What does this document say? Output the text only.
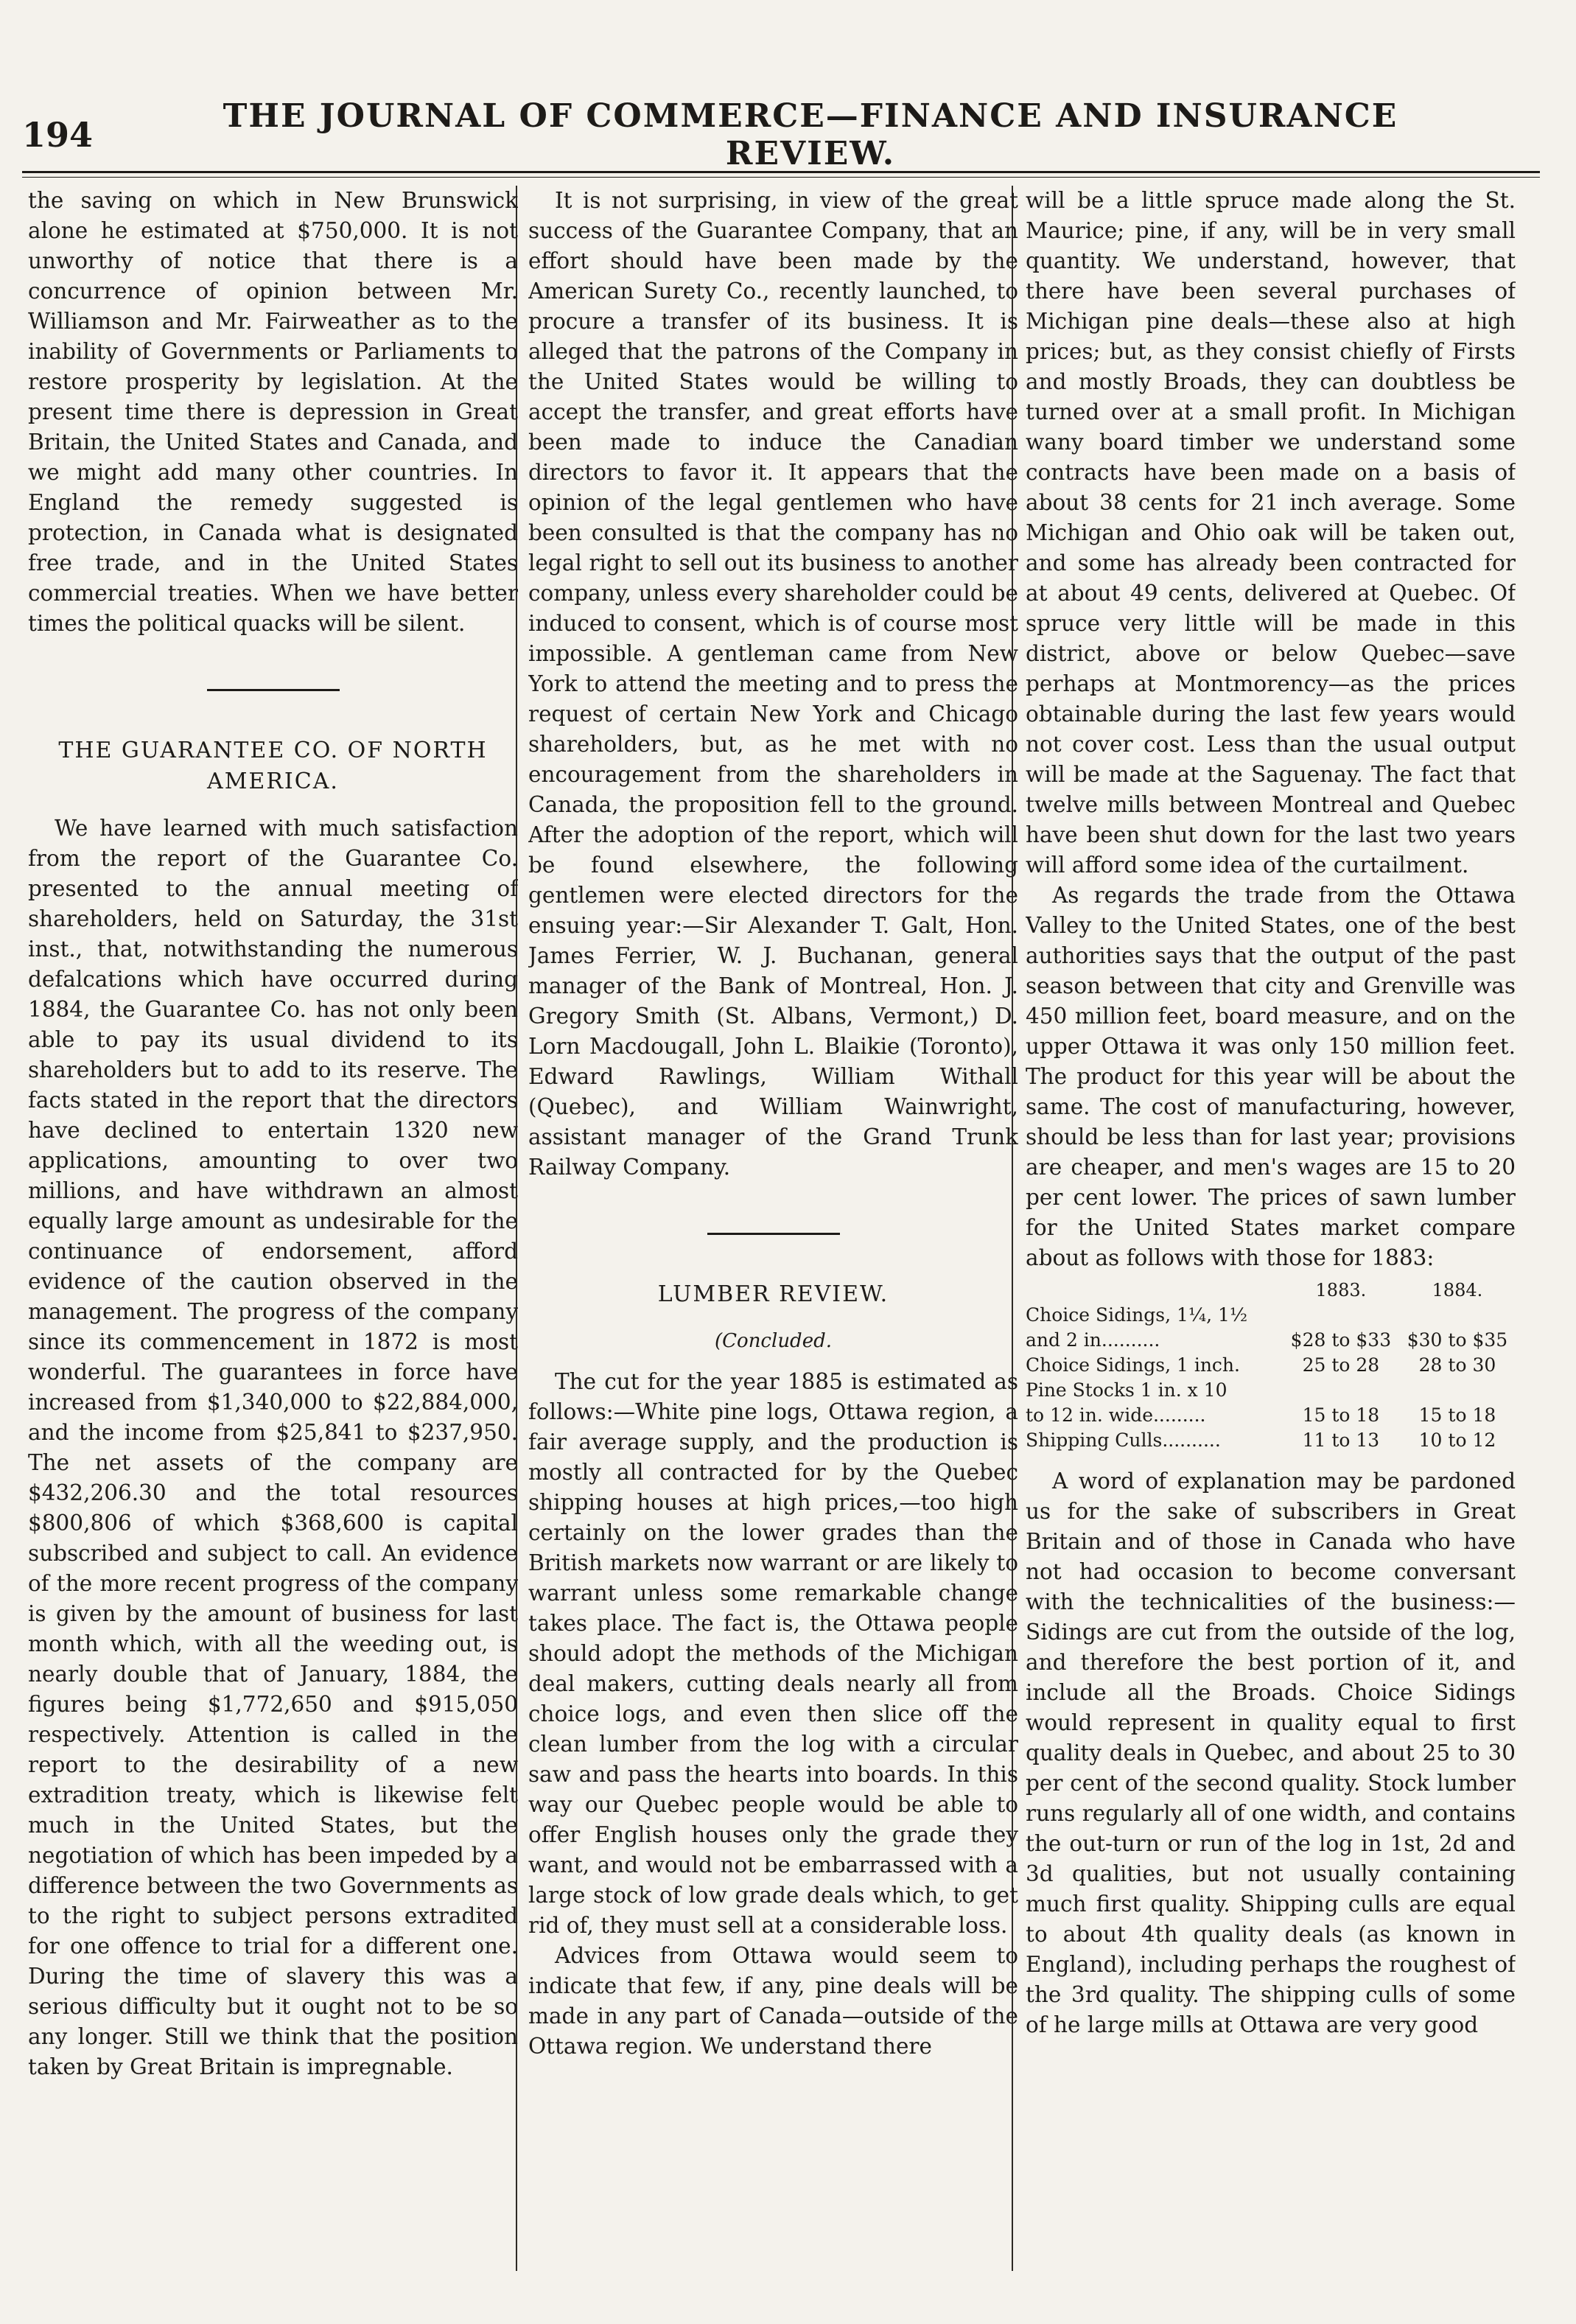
194	THE JOURNAL OF COMMERCE—FINANCE AND INSURANCE REVIEW.

the saving on which in New Brunswick alone he estimated at $750,000. It is not unworthy of notice that there is a concurrence of opinion between Mr. Williamson and Mr. Fairweather as to the inability of Governments or Parliaments to restore prosperity by legislation. At the present time there is depression in Great Britain, the United States and Canada, and we might add many other countries. In England the remedy suggested is protection, in Canada what is designated free trade, and in the United States commercial treaties. When we have better times the political quacks will be silent.

THE GUARANTEE CO. OF NORTH AMERICA.

We have learned with much satisfaction from the report of the Guarantee Co. presented to the annual meeting of shareholders, held on Saturday, the 31st inst., that, notwithstanding the numerous defalcations which have occurred during 1884, the Guarantee Co. has not only been able to pay its usual dividend to its shareholders but to add to its reserve. The facts stated in the report that the directors have declined to entertain 1320 new applications, amounting to over two millions, and have withdrawn an almost equally large amount as undesirable for the continuance of endorsement, afford evidence of the caution observed in the management. The progress of the company since its commencement in 1872 is most wonderful. The guarantees in force have increased from $1,340,000 to $22,884,000, and the income from $25,841 to $237,950. The net assets of the company are $432,206.30 and the total resources $800,806 of which $368,600 is capital subscribed and subject to call. An evidence of the more recent progress of the company is given by the amount of business for last month which, with all the weeding out, is nearly double that of January, 1884, the figures being $1,772,650 and $915,050 respectively. Attention is called in the report to the desirability of a new extradition treaty, which is likewise felt much in the United States, but the negotiation of which has been impeded by a difference between the two Governments as to the right to subject persons extradited for one offence to trial for a different one. During the time of slavery this was a serious difficulty but it ought not to be so any longer. Still we think that the position taken by Great Britain is impregnable.

It is not surprising, in view of the great success of the Guarantee Company, that an effort should have been made by the American Surety Co., recently launched, to procure a transfer of its business. It is alleged that the patrons of the Company in the United States would be willing to accept the transfer, and great efforts have been made to induce the Canadian directors to favor it. It appears that the opinion of the legal gentlemen who have been consulted is that the company has no legal right to sell out its business to another company, unless every shareholder could be induced to consent, which is of course most impossible. A gentleman came from New York to attend the meeting and to press the request of certain New York and Chicago shareholders, but, as he met with no encouragement from the shareholders in Canada, the proposition fell to the ground. After the adoption of the report, which will be found elsewhere, the following gentlemen were elected directors for the ensuing year:—Sir Alexander T. Galt, Hon. James Ferrier, W. J. Buchanan, general manager of the Bank of Montreal, Hon. J. Gregory Smith (St. Albans, Vermont,) D. Lorn Macdougall, John L. Blaikie (Toronto), Edward Rawlings, William Withall (Quebec), and William Wainwright, assistant manager of the Grand Trunk Railway Company.

LUMBER REVIEW.
(Concluded.

The cut for the year 1885 is estimated as follows:—White pine logs, Ottawa region, a fair average supply, and the production is mostly all contracted for by the Quebec shipping houses at high prices,—too high certainly on the lower grades than the British markets now warrant or are likely to warrant unless some remarkable change takes place. The fact is, the Ottawa people should adopt the methods of the Michigan deal makers, cutting deals nearly all from choice logs, and even then slice off the clean lumber from the log with a circular saw and pass the hearts into boards. In this way our Quebec people would be able to offer English houses only the grade they want, and would not be embarrassed with a large stock of low grade deals which, to get rid of, they must sell at a considerable loss.

Advices from Ottawa would seem to indicate that few, if any, pine deals will be made in any part of Canada—outside of the Ottawa region. We understand there

will be a little spruce made along the St. Maurice; pine, if any, will be in very small quantity. We understand, however, that there have been several purchases of Michigan pine deals—these also at high prices; but, as they consist chiefly of Firsts and mostly Broads, they can doubtless be turned over at a small profit. In Michigan wany board timber we understand some contracts have been made on a basis of about 38 cents for 21 inch average. Some Michigan and Ohio oak will be taken out, and some has already been contracted for at about 49 cents, delivered at Quebec. Of spruce very little will be made in this district, above or below Quebec—save perhaps at Montmorency—as the prices obtainable during the last few years would not cover cost. Less than the usual output will be made at the Saguenay. The fact that twelve mills between Montreal and Quebec have been shut down for the last two years will afford some idea of the curtailment.

As regards the trade from the Ottawa Valley to the United States, one of the best authorities says that the output of the past season between that city and Grenville was 450 million feet, board measure, and on the upper Ottawa it was only 150 million feet. The product for this year will be about the same. The cost of manufacturing, however, should be less than for last year; provisions are cheaper, and men's wages are 15 to 20 per cent lower. The prices of sawn lumber for the United States market compare about as follows with those for 1883:

	1883.	1884.
Choice Sidings, 1¼, 1½		
and 2 in..........	$28 to $33	$30 to $35
Choice Sidings, 1 inch.	25 to 28	28 to 30
Pine Stocks 1 in. x 10		
to 12 in. wide.........	15 to 18	15 to 18
Shipping Culls..........	11 to 13	10 to 12

A word of explanation may be pardoned us for the sake of subscribers in Great Britain and of those in Canada who have not had occasion to become conversant with the technicalities of the business:—Sidings are cut from the outside of the log, and therefore the best portion of it, and include all the Broads. Choice Sidings would represent in quality equal to first quality deals in Quebec, and about 25 to 30 per cent of the second quality. Stock lumber runs regularly all of one width, and contains the out-turn or run of the log in 1st, 2d and 3d qualities, but not usually containing much first quality. Shipping culls are equal to about 4th quality deals (as known in England), including perhaps the roughest of the 3rd quality. The shipping culls of some of he large mills at Ottawa are very good
